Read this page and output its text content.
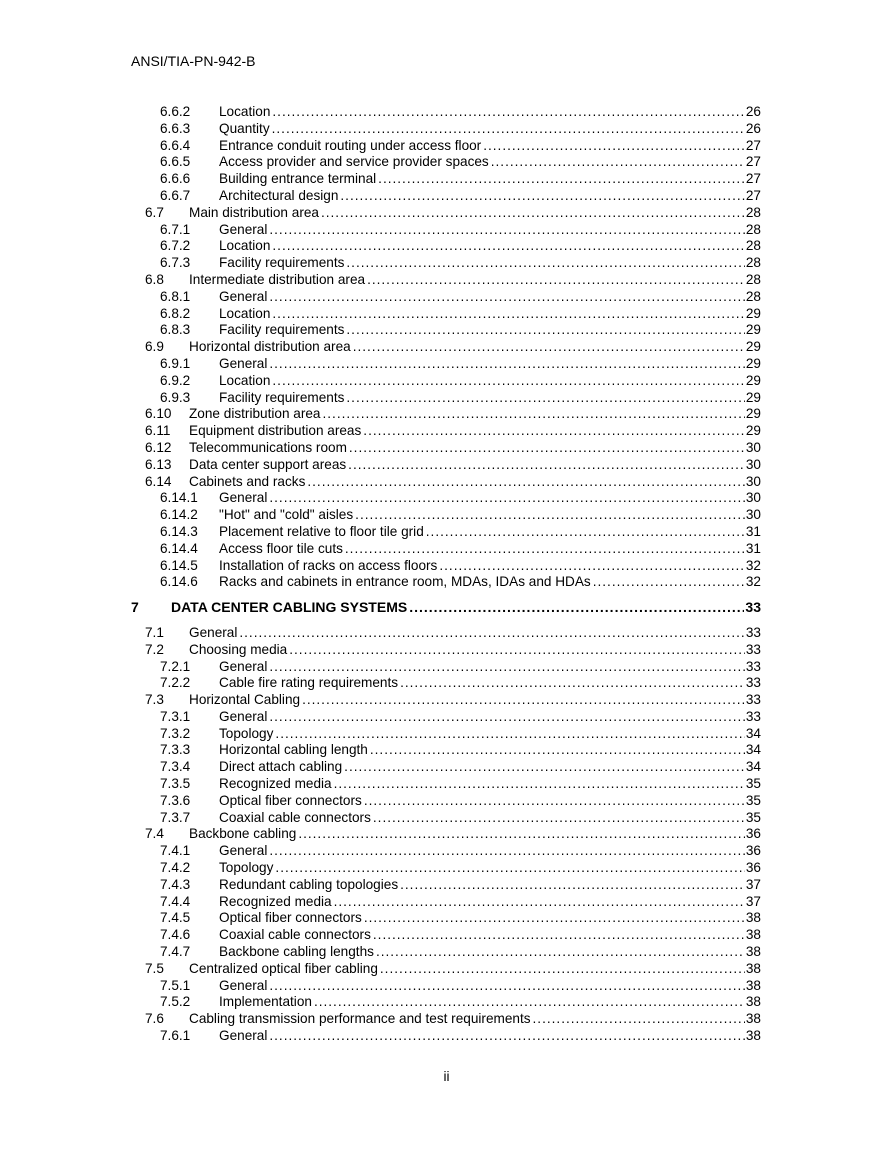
ANSI/TIA-PN-942-B
6.6.2 Location .....	26
6.6.3 Quantity .....	26
6.6.4 Entrance conduit routing under access floor .....	27
6.6.5 Access provider and service provider spaces .....	27
6.6.6 Building entrance terminal .....	27
6.6.7 Architectural design .....	27
6.7 Main distribution area .....	28
6.7.1 General .....	28
6.7.2 Location .....	28
6.7.3 Facility requirements .....	28
6.8 Intermediate distribution area .....	28
6.8.1 General .....	28
6.8.2 Location .....	29
6.8.3 Facility requirements .....	29
6.9 Horizontal distribution area .....	29
6.9.1 General .....	29
6.9.2 Location .....	29
6.9.3 Facility requirements .....	29
6.10 Zone distribution area .....	29
6.11 Equipment distribution areas .....	29
6.12 Telecommunications room .....	30
6.13 Data center support areas .....	30
6.14 Cabinets and racks .....	30
6.14.1 General .....	30
6.14.2 "Hot" and "cold" aisles .....	30
6.14.3 Placement relative to floor tile grid .....	31
6.14.4 Access floor tile cuts .....	31
6.14.5 Installation of racks on access floors .....	32
6.14.6 Racks and cabinets in entrance room, MDAs, IDAs and HDAs .....	32
7 DATA CENTER CABLING SYSTEMS .....	33
7.1 General .....	33
7.2 Choosing media .....	33
7.2.1 General .....	33
7.2.2 Cable fire rating requirements .....	33
7.3 Horizontal Cabling .....	33
7.3.1 General .....	33
7.3.2 Topology .....	34
7.3.3 Horizontal cabling length .....	34
7.3.4 Direct attach cabling .....	34
7.3.5 Recognized media .....	35
7.3.6 Optical fiber connectors .....	35
7.3.7 Coaxial cable connectors .....	35
7.4 Backbone cabling .....	36
7.4.1 General .....	36
7.4.2 Topology .....	36
7.4.3 Redundant cabling topologies .....	37
7.4.4 Recognized media .....	37
7.4.5 Optical fiber connectors .....	38
7.4.6 Coaxial cable connectors .....	38
7.4.7 Backbone cabling lengths .....	38
7.5 Centralized optical fiber cabling .....	38
7.5.1 General .....	38
7.5.2 Implementation .....	38
7.6 Cabling transmission performance and test requirements .....	38
7.6.1 General .....	38
ii
